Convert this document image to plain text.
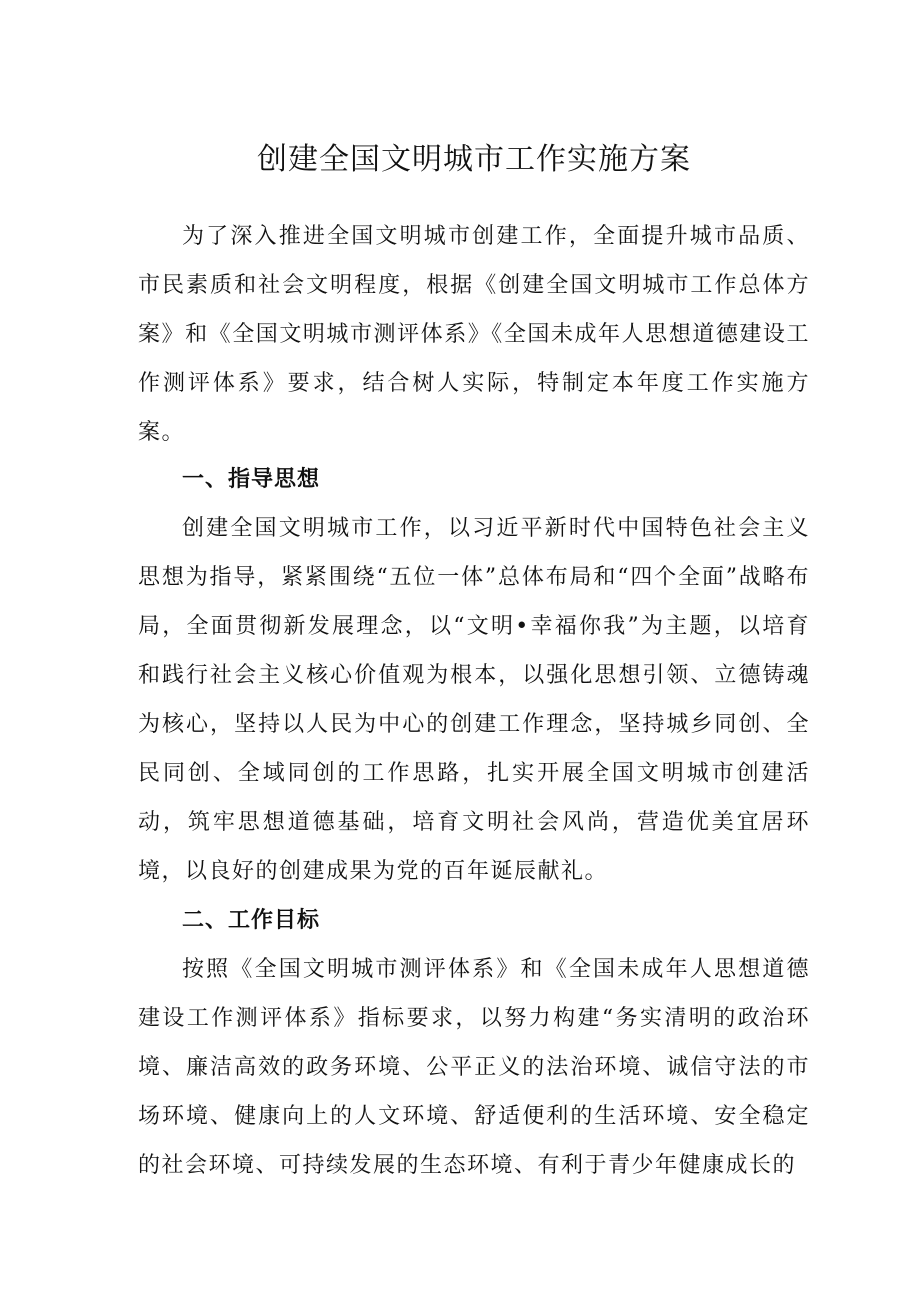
创建全国文明城市工作实施方案

为了深入推进全国文明城市创建工作，全面提升城市品质、市民素质和社会文明程度，根据《创建全国文明城市工作总体方案》和《全国文明城市测评体系》《全国未成年人思想道德建设工作测评体系》要求，结合树人实际，特制定本年度工作实施方案。

一、指导思想

创建全国文明城市工作，以习近平新时代中国特色社会主义思想为指导，紧紧围绕“五位一体”总体布局和“四个全面”战略布局，全面贯彻新发展理念，以“文明•幸福你我”为主题，以培育和践行社会主义核心价值观为根本，以强化思想引领、立德铸魂为核心，坚持以人民为中心的创建工作理念，坚持城乡同创、全民同创、全域同创的工作思路，扎实开展全国文明城市创建活动，筑牢思想道德基础，培育文明社会风尚，营造优美宜居环境，以良好的创建成果为党的百年诞辰献礼。

二、工作目标

按照《全国文明城市测评体系》和《全国未成年人思想道德建设工作测评体系》指标要求，以努力构建“务实清明的政治环境、廉洁高效的政务环境、公平正义的法治环境、诚信守法的市场环境、健康向上的人文环境、舒适便利的生活环境、安全稳定的社会环境、可持续发展的生态环境、有利于青少年健康成长的
